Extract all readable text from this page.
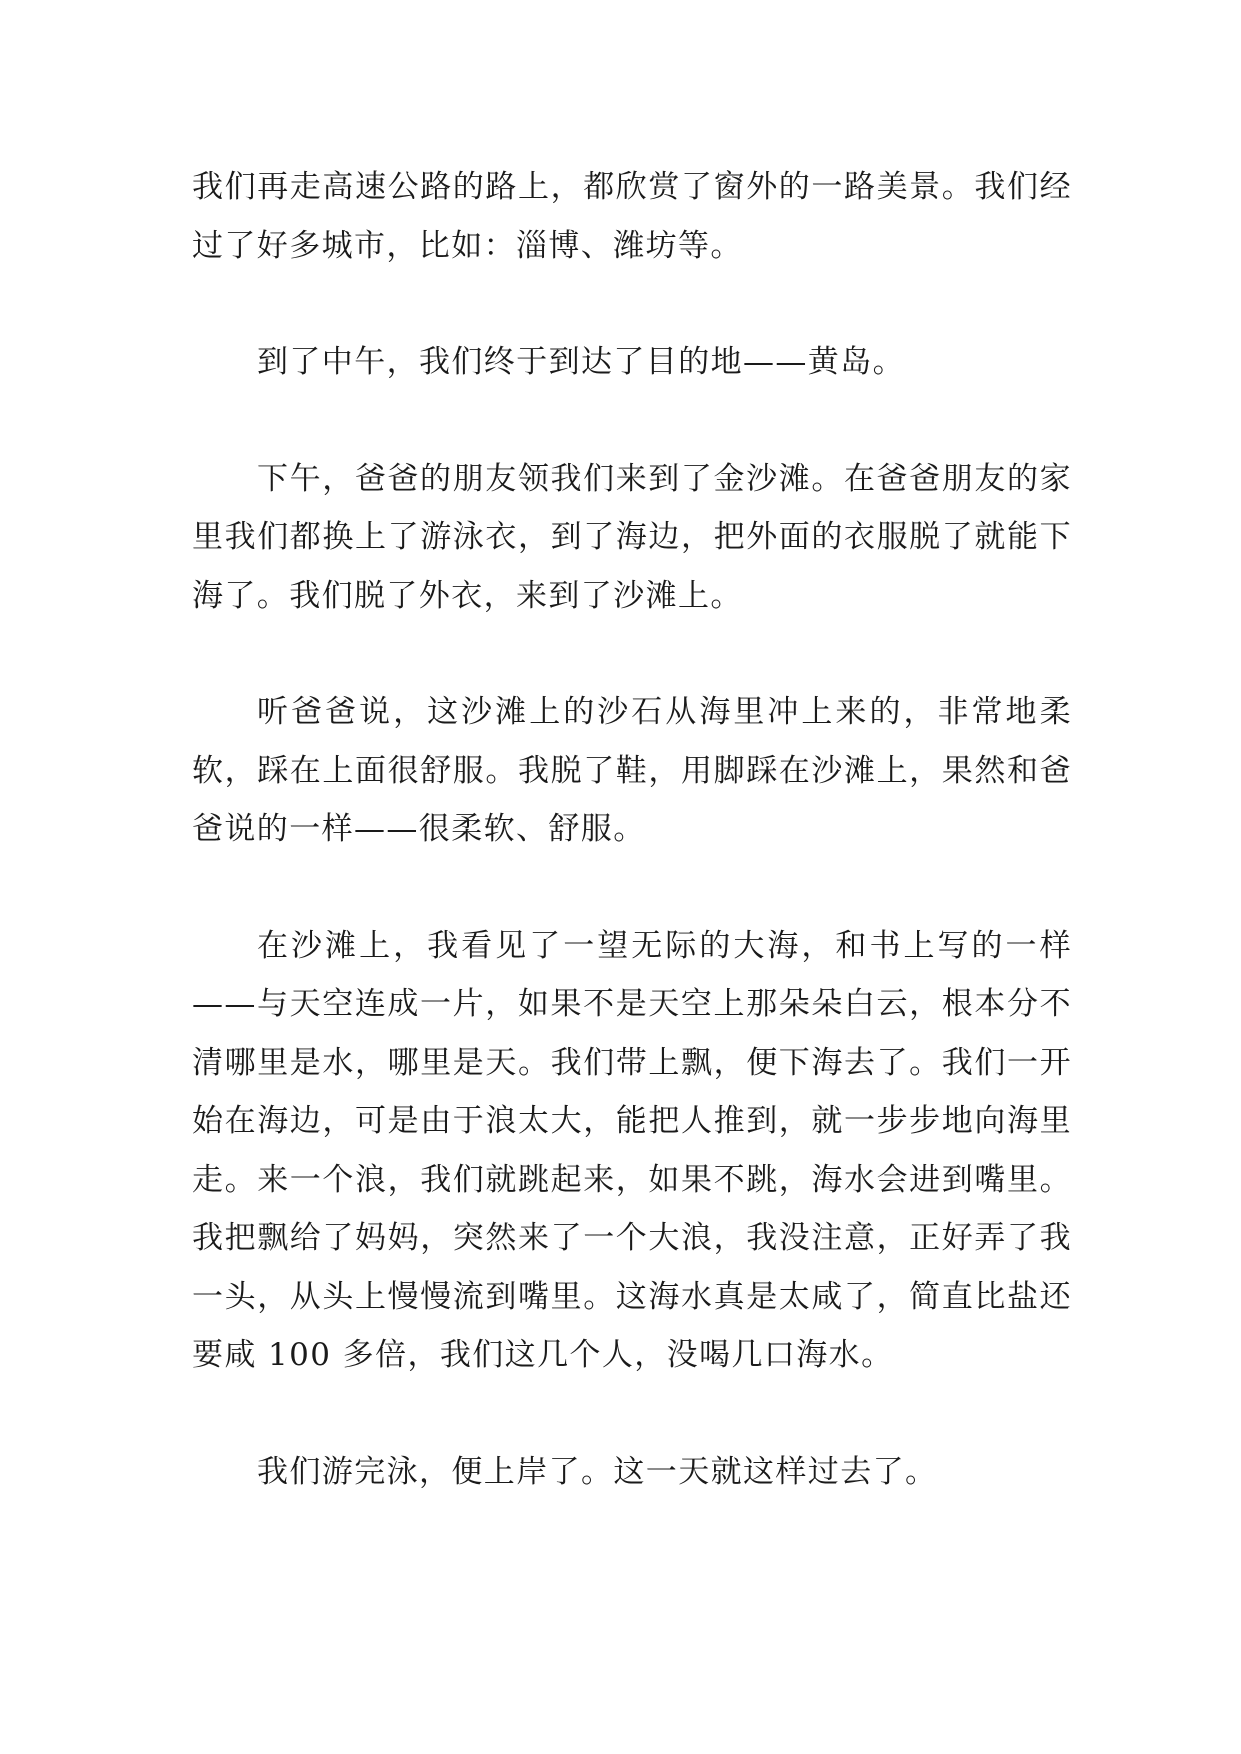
我们再走高速公路的路上，都欣赏了窗外的一路美景。我们经过了好多城市，比如：淄博、潍坊等。

到了中午，我们终于到达了目的地——黄岛。

下午，爸爸的朋友领我们来到了金沙滩。在爸爸朋友的家里我们都换上了游泳衣，到了海边，把外面的衣服脱了就能下海了。我们脱了外衣，来到了沙滩上。

听爸爸说，这沙滩上的沙石从海里冲上来的，非常地柔软，踩在上面很舒服。我脱了鞋，用脚踩在沙滩上，果然和爸爸说的一样——很柔软、舒服。

在沙滩上，我看见了一望无际的大海，和书上写的一样——与天空连成一片，如果不是天空上那朵朵白云，根本分不清哪里是水，哪里是天。我们带上飘，便下海去了。我们一开始在海边，可是由于浪太大，能把人推到，就一步步地向海里走。来一个浪，我们就跳起来，如果不跳，海水会进到嘴里。我把飘给了妈妈，突然来了一个大浪，我没注意，正好弄了我一头，从头上慢慢流到嘴里。这海水真是太咸了，简直比盐还要咸 100 多倍，我们这几个人，没喝几口海水。

我们游完泳，便上岸了。这一天就这样过去了。
